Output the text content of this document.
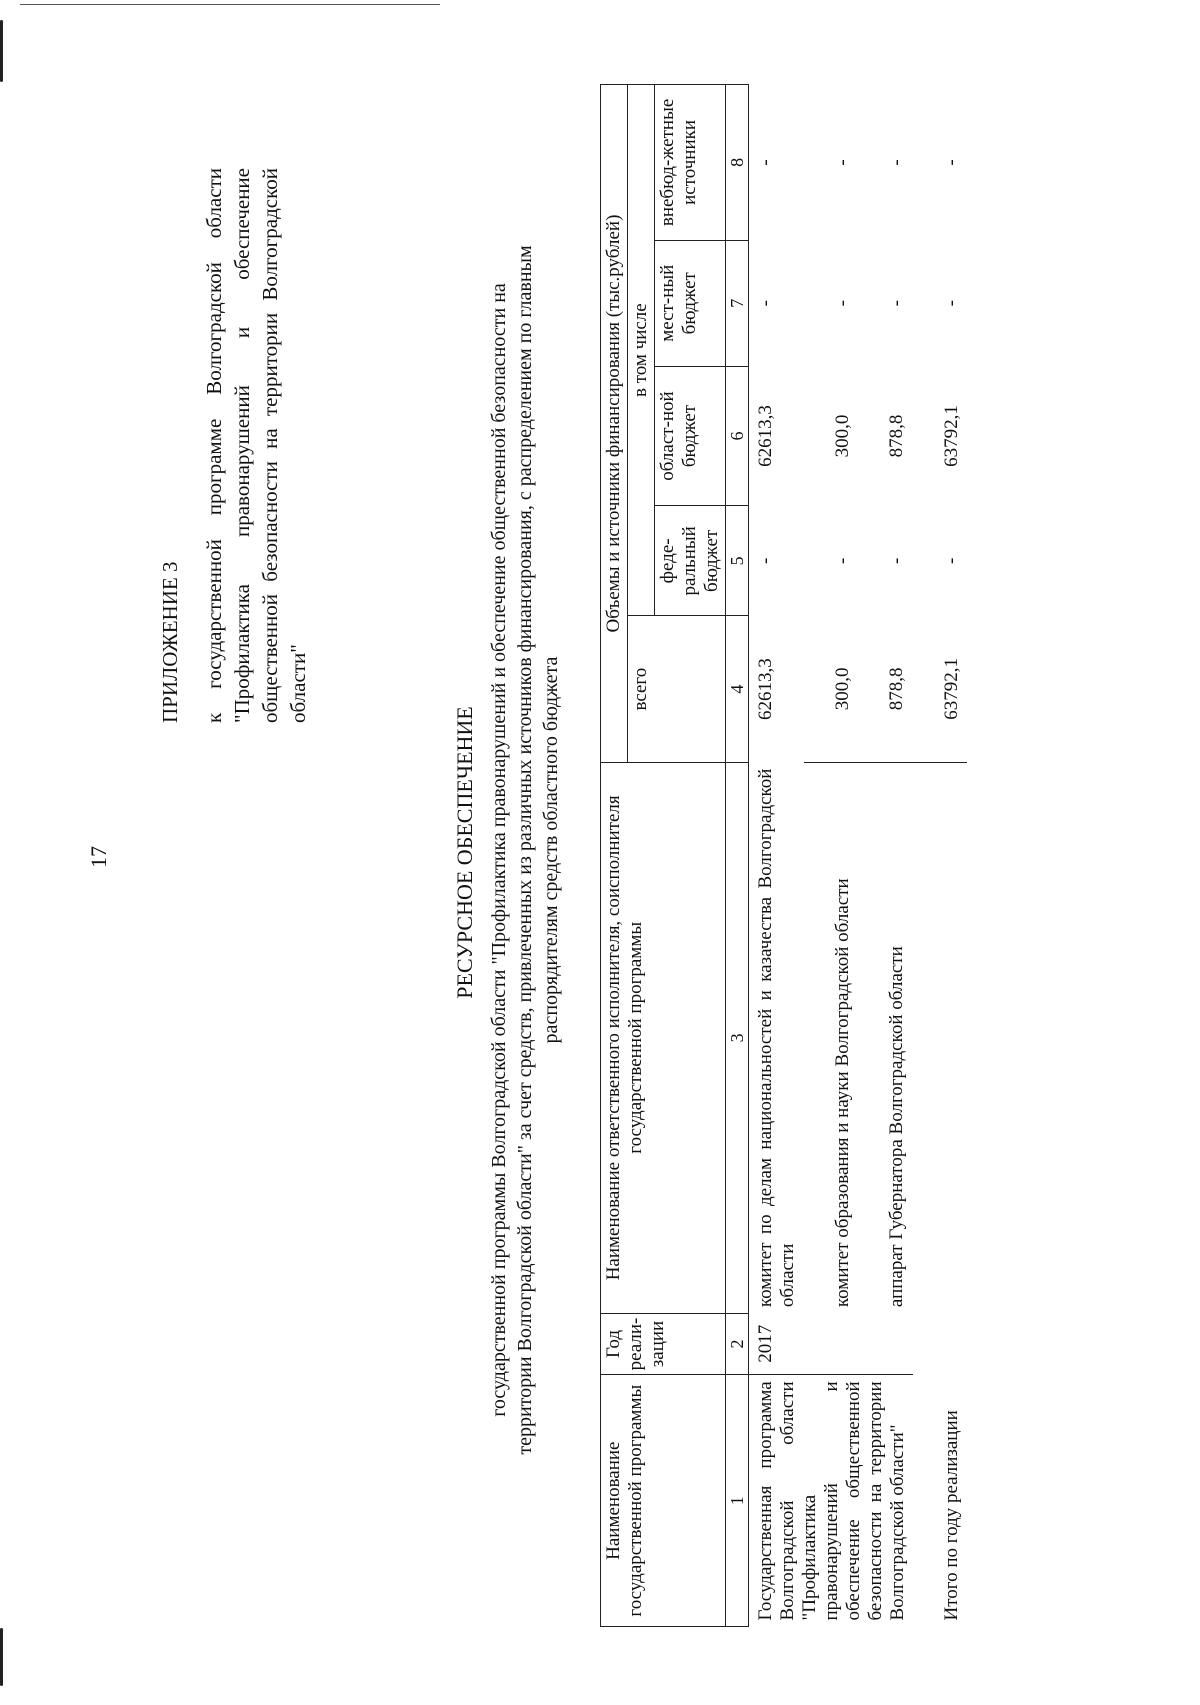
17
ПРИЛОЖЕНИЕ 3 к государственной программе Волгоградской области "Профилактика правонарушений и обеспечение общественной безопасности на территории Волгоградской области"
РЕСУРСНОЕ ОБЕСПЕЧЕНИЕ государственной программы Волгоградской области "Профилактика правонарушений и обеспечение общественной безопасности на территории Волгоградской области" за счет средств, привлеченных из различных источников финансирования, с распределением по главным распорядителям средств областного бюджета
Наименование государственной программы	Год реали-зации	Наименование ответственного исполнителя, соисполнителя государственной программы	Объемы и источники финансирования (тыс.рублей)				
			всего	в том числе			
				феде-ральный бюджет	област-ной бюджет	мест-ный бюджет	внебюд-жетные источники
1	2	3	4	5	6	7	8
Государственная программа Волгоградской области "Профилактика правонарушений и обеспечение общественной безопасности на территории Волгоградской области"	2017	комитет по делам национальностей и казачества Волгоградской области	62613,3	-	62613,3	-	-
		комитет образования и науки Волгоградской области	300,0	-	300,0	-	-
		аппарат Губернатора Волгоградской области	878,8	-	878,8	-	-
Итого по году реализации			63792,1	-	63792,1	-	-
